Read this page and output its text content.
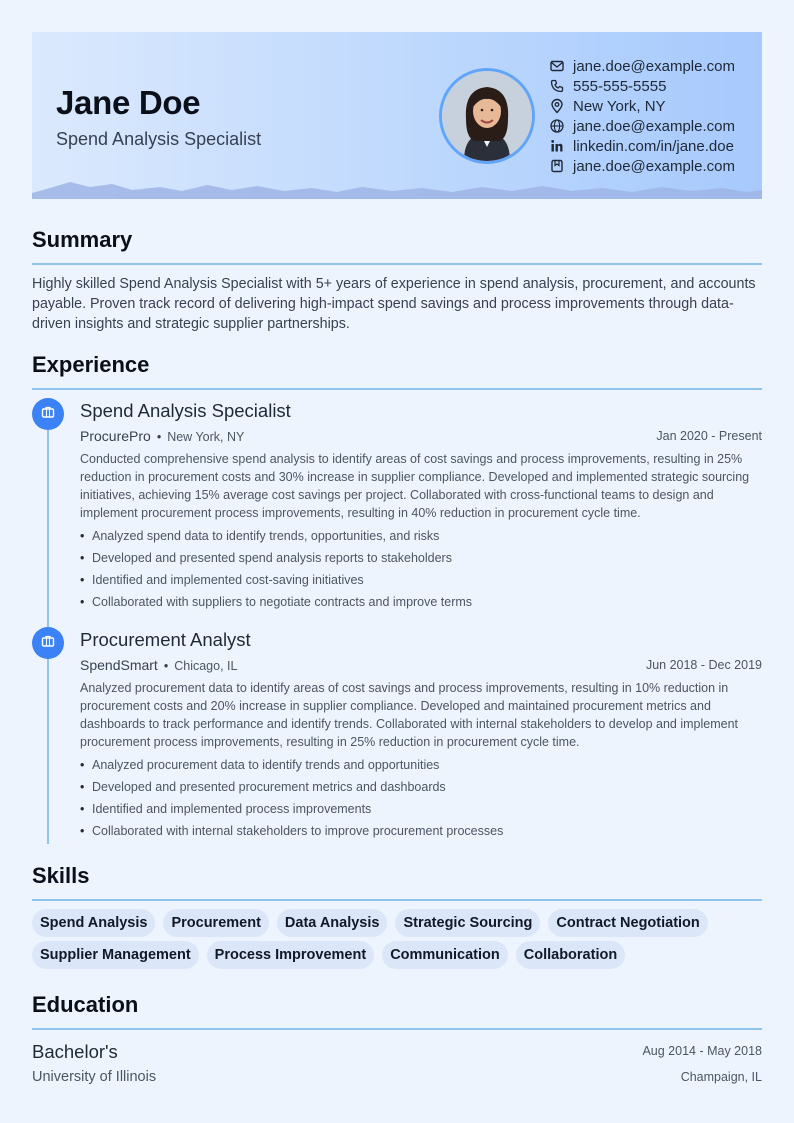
Jane Doe
Spend Analysis Specialist
jane.doe@example.com
555-555-5555
New York, NY
jane.doe@example.com
linkedin.com/in/jane.doe
jane.doe@example.com
Summary
Highly skilled Spend Analysis Specialist with 5+ years of experience in spend analysis, procurement, and accounts payable. Proven track record of delivering high-impact spend savings and process improvements through data-driven insights and strategic supplier partnerships.
Experience
Spend Analysis Specialist
ProcurePro • New York, NY	Jan 2020 - Present
Conducted comprehensive spend analysis to identify areas of cost savings and process improvements, resulting in 25% reduction in procurement costs and 30% increase in supplier compliance. Developed and implemented strategic sourcing initiatives, achieving 15% average cost savings per project. Collaborated with cross-functional teams to design and implement procurement process improvements, resulting in 40% reduction in procurement cycle time.
• Analyzed spend data to identify trends, opportunities, and risks
• Developed and presented spend analysis reports to stakeholders
• Identified and implemented cost-saving initiatives
• Collaborated with suppliers to negotiate contracts and improve terms
Procurement Analyst
SpendSmart • Chicago, IL	Jun 2018 - Dec 2019
Analyzed procurement data to identify areas of cost savings and process improvements, resulting in 10% reduction in procurement costs and 20% increase in supplier compliance. Developed and maintained procurement metrics and dashboards to track performance and identify trends. Collaborated with internal stakeholders to develop and implement procurement process improvements, resulting in 25% reduction in procurement cycle time.
• Analyzed procurement data to identify trends and opportunities
• Developed and presented procurement metrics and dashboards
• Identified and implemented process improvements
• Collaborated with internal stakeholders to improve procurement processes
Skills
Spend Analysis	Procurement	Data Analysis	Strategic Sourcing	Contract Negotiation
Supplier Management	Process Improvement	Communication	Collaboration
Education
Bachelor's	Aug 2014 - May 2018
University of Illinois	Champaign, IL
